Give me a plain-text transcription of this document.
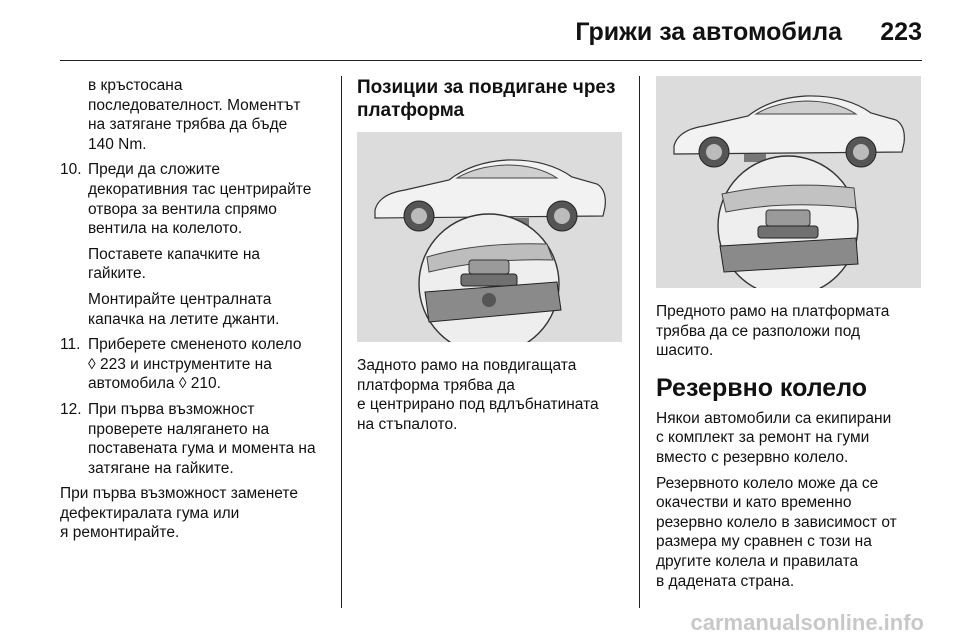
Грижи за автомобила 223
в кръстосана
последователност. Моментът
на затягане трябва да бъде
140 Nm.
10. Преди да сложите
декоративния тас центрирайте
отвора за вентила спрямо
вентила на колелото.

Поставете капачките на
гайките.

Монтирайте централната
капачка на летите джанти.

11. Приберете смененото колело
◊ 223 и инструментите на
автомобила ◊ 210.

12. При първа възможност
проверете налягането на
поставената гума и момента на
затягане на гайките.

При първа възможност заменете
дефектиралата гума или
я ремонтирайте.

Позиции за повдигане чрез
платформа

Задното рамо на повдигащата
платформа трябва да
е центрирано под вдлъбнатината
на стъпалото.

Предното рамо на платформата
трябва да се разположи под
шасито.

Резервно колело

Някои автомобили са екипирани
с комплект за ремонт на гуми
вместо с резервно колело.

Резервното колело може да се
окачестви и като временно
резервно колело в зависимост от
размера му сравнен с този на
другите колела и правилата
в дадената страна.

carmanualsonline.info
